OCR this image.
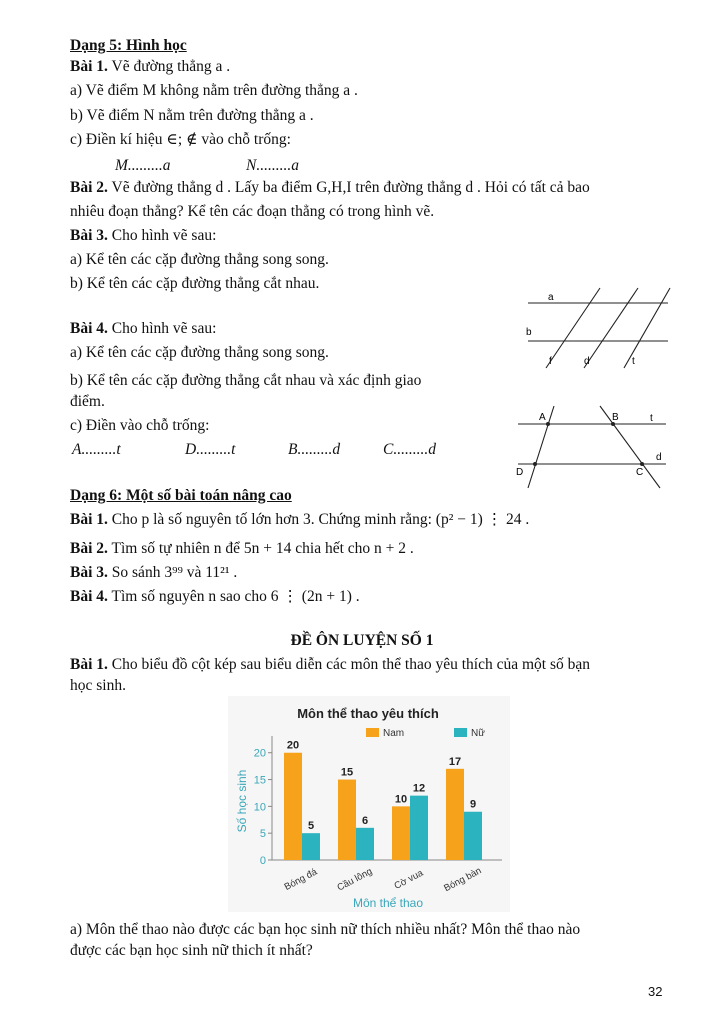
Dạng 5: Hình học
Bài 1. Vẽ đường thẳng a .
a) Vẽ điểm M không nằm trên đường thẳng a .
b) Vẽ điểm N nằm trên đường thẳng a .
c) Điền kí hiệu ∈; ∉ vào chỗ trống:
M.........a	N.........a
Bài 2. Vẽ đường thẳng d . Lấy ba điểm G,H,I trên đường thẳng d . Hỏi có tất cả bao
nhiêu đoạn thẳng? Kể tên các đoạn thẳng có trong hình vẽ.
Bài 3. Cho hình vẽ sau:
a) Kể tên các cặp đường thẳng song song.
b) Kể tên các cặp đường thẳng cắt nhau.
a
b
f	d	t
Bài 4. Cho hình vẽ sau:
a) Kể tên các cặp đường thẳng song song.
b) Kể tên các cặp đường thẳng cắt nhau và xác định giao
điểm.
c) Điền vào chỗ trống:
A.........t	D.........t	B.........d	C.........d
A	B	t
d
D	C
Dạng 6: Một số bài toán nâng cao
Bài 1. Cho p là số nguyên tố lớn hơn 3. Chứng minh rằng: (p² − 1) ⋮ 24 .
Bài 2. Tìm số tự nhiên n để 5n + 14 chia hết cho n + 2 .
Bài 3. So sánh 3⁹⁹ và 11²¹ .
Bài 4. Tìm số nguyên n sao cho 6 ⋮ (2n + 1) .
ĐỀ ÔN LUYỆN SỐ 1
Bài 1. Cho biểu đồ cột kép sau biểu diễn các môn thể thao yêu thích của một số bạn
học sinh.
Môn thể thao yêu thích
Nam	Nữ
0
5
10
15
20
Số học sinh
20
5
Bóng đá
15
6
Cầu lông
10
12
Cờ vua
17
9
Bóng bàn
Môn thể thao
a) Môn thể thao nào được các bạn học sinh nữ thích nhiều nhất? Môn thể thao nào
được các bạn học sinh nữ thich ít nhất?
32
